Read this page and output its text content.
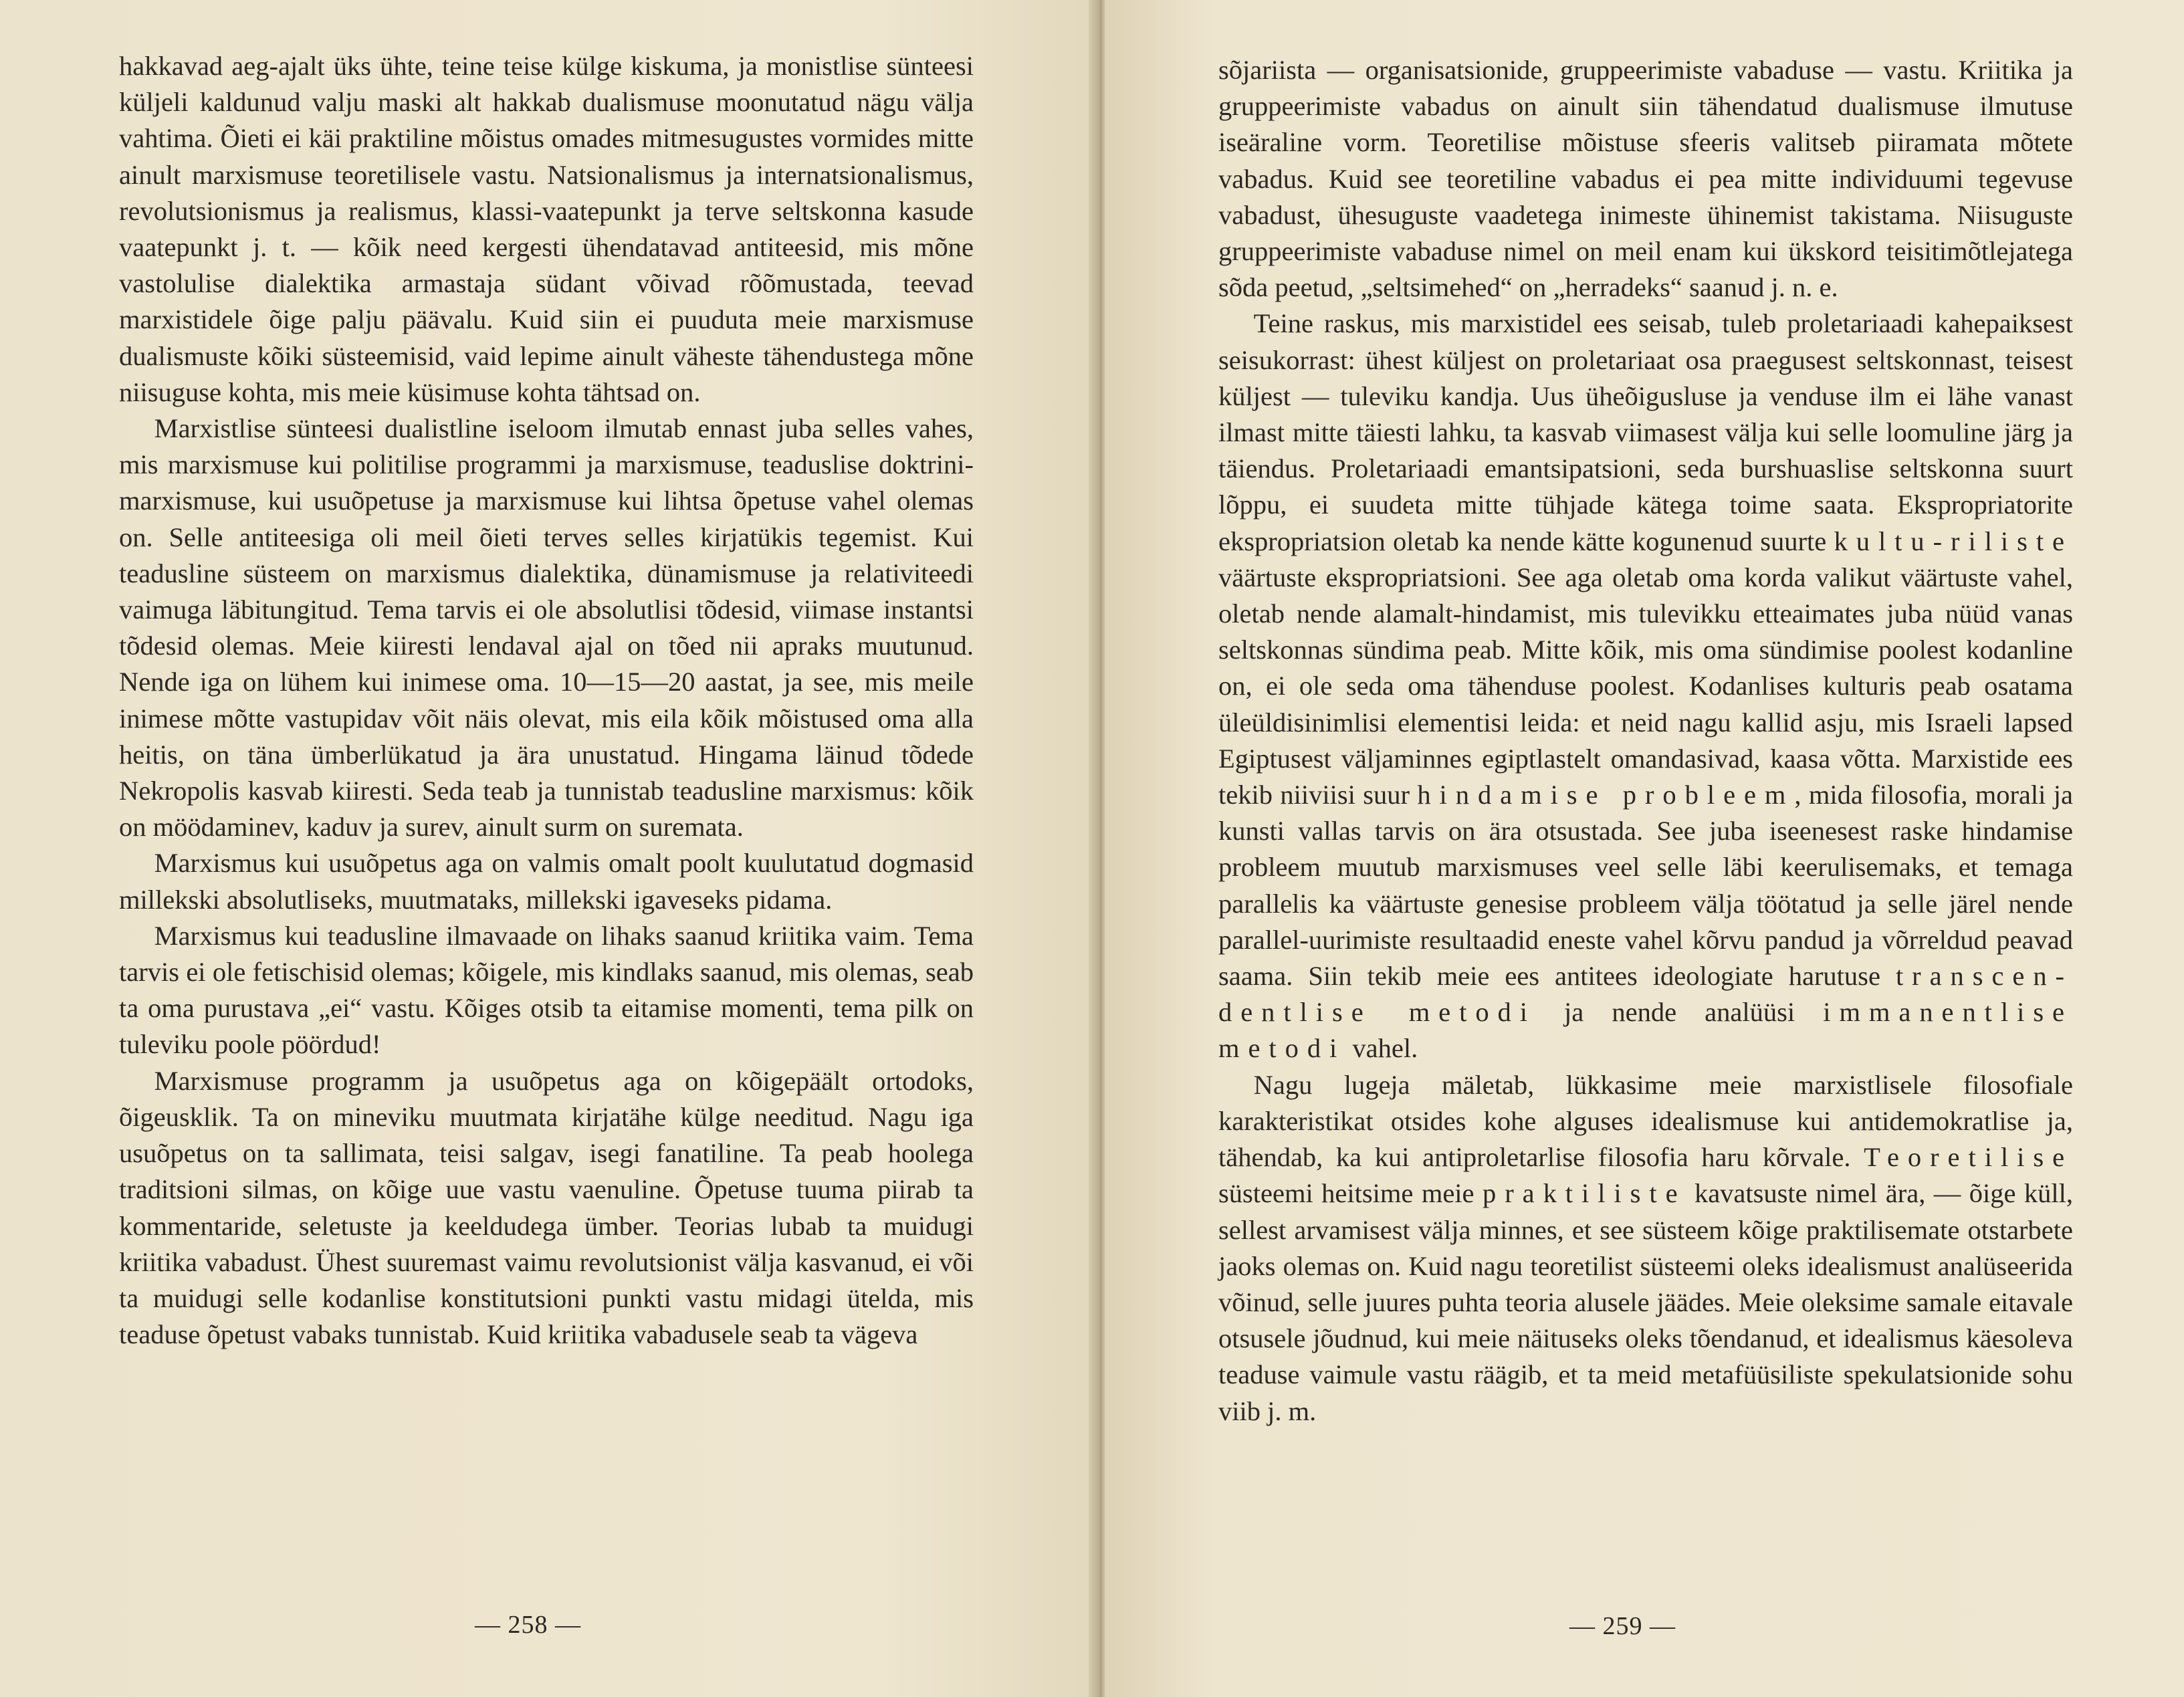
hakkavad aeg-ajalt üks ühte, teine teise külge kiskuma, ja monistlise sünteesi küljeli kaldunud valju maski alt hakkab dualismuse moonutatud nägu välja vahtima. Õieti ei käi praktiline mõistus omades mitmesugustes vormides mitte ainult marxismuse teoretilisele vastu. Natsionalismus ja internatsionalismus, revolutsionismus ja realismus, klassi-vaatepunkt ja terve seltskonna kasude vaatepunkt j. t. — kõik need kergesti ühendatavad antiteesid, mis mõne vastolulise dialektika armastaja südant võivad rõõmustada, teevad marxistidele õige palju päävalu. Kuid siin ei puuduta meie marxismuse dualismuste kõiki süsteemisid, vaid lepime ainult väheste tähendustega mõne niisuguse kohta, mis meie küsimuse kohta tähtsad on.

Marxistlise sünteesi dualistline iseloom ilmutab ennast juba selles vahes, mis marxismuse kui politilise programmi ja marxismuse, teaduslise doktrini-marxismuse, kui usuõpetuse ja marxismuse kui lihtsa õpetuse vahel olemas on. Selle antiteesiga oli meil õieti terves selles kirjatükis tegemist. Kui teadusline süsteem on marxismus dialektika, dünamismuse ja relativiteedi vaimuga läbitungitud. Tema tarvis ei ole absolutlisi tõdesid, viimase instantsi tõdesid olemas. Meie kiiresti lendaval ajal on tõed nii apraks muutunud. Nende iga on lühem kui inimese oma. 10—15—20 aastat, ja see, mis meile inimese mõtte vastupidav võit näis olevat, mis eila kõik mõistused oma alla heitis, on täna ümberlükatud ja ära unustatud. Hingama läinud tõdede Nekropolis kasvab kiiresti. Seda teab ja tunnistab teadusline marxismus: kõik on möödaminev, kaduv ja surev, ainult surm on surematа.

Marxismus kui usuõpetus aga on valmis omalt poolt kuulutatud dogmasid millekski absolutliseks, muutmataks, millekski igaveseks pidama.

Marxismus kui teadusline ilmavaade on lihaks saanud kriitika vaim. Tema tarvis ei ole fetischisid olemas; kõigele, mis kindlaks saanud, mis olemas, seab ta oma purustava „ei“ vastu. Kõiges otsib ta eitamise momenti, tema pilk on tuleviku poole pöördud!

Marxismuse programm ja usuõpetus aga on kõigepäält ortodoks, õigeusklik. Ta on mineviku muutmata kirjatähe külge needitud. Nagu iga usuõpetus on ta sallimata, teisi salgav, isegi fanatiline. Ta peab hoolega traditsioni silmas, on kõige uue vastu vaenuline. Õpetuse tuuma piirab ta kommentaride, seletuste ja keeldudega ümber. Teorias lubab ta muidugi kriitika vabadust. Ühest suuremast vaimu revolutsionist välja kasvanud, ei või ta muidugi selle kodanlise konstitutsioni punkti vastu midagi ütelda, mis teaduse õpetust vabaks tunnistab. Kuid kriitika vabadusele seab ta vägeva

— 258 —

sõjariista — organisatsionide, gruppeerimiste vabaduse — vastu. Kriitika ja gruppeerimiste vabadus on ainult siin tähendatud dualismuse ilmutuse iseäraline vorm. Teoretilise mõistuse sfeeris valitseb piiramata mõtete vabadus. Kuid see teoretiline vabadus ei pea mitte individuumi tegevuse vabadust, ühesuguste vaadetega inimeste ühinemist takistama. Niisuguste gruppeerimiste vabaduse nimel on meil enam kui ükskord teisitimõtlejatega sõda peetud, „seltsimehed“ on „herradeks“ saanud j. n. e.

Teine raskus, mis marxistidel ees seisab, tuleb proletariaadi kahepaiksest seisukorrast: ühest küljest on proletariaat osa praegusest seltskonnast, teisest küljest — tuleviku kandja. Uus üheõigusluse ja venduse ilm ei lähe vanast ilmast mitte täiesti lahku, ta kasvab viimasest välja kui selle loomuline järg ja täiendus. Proletariaadi emantsipatsioni, seda burshuaslise seltskonna suurt lõppu, ei suudeta mitte tühjade kätega toime saata. Ekspropriatorite ekspropriatsion oletab ka nende kätte kogunenud suurte kultu-riliste väärtuste ekspropriatsioni. See aga oletab oma korda valikut väärtuste vahel, oletab nende alamalt-hindamist, mis tulevikku etteaimates juba nüüd vanas seltskonnas sündima peab. Mitte kõik, mis oma sündimise poolest kodanline on, ei ole seda oma tähenduse poolest. Kodanlises kulturis peab osatama üleüldisinimlisi elementisi leida: et neid nagu kallid asju, mis Israeli lapsed Egiptusest väljaminnes egiptlastelt omandasivad, kaasa võtta. Marxistide ees tekib niiviisi suur hindamise probleem, mida filosofia, morali ja kunsti vallas tarvis on ära otsustada. See juba iseenesest raske hindamise probleem muutub marxismuses veel selle läbi keerulisemaks, et temaga parallelis ka väärtuste genesise probleem välja töötatud ja selle järel nende parallel-uurimiste resultaadid eneste vahel kõrvu pandud ja võrreldud peavad saama. Siin tekib meie ees antitees ideologiate harutuse transcen-dentlise metodi ja nende analüüsi immanentlise metodi vahel.

Nagu lugeja mäletab, lükkasime meie marxistlisele filosofiale karakteristikat otsides kohe alguses idealismuse kui antidemokratlise ja, tähendab, ka kui antiproletarlise filosofia haru kõrvale. Teoretilise süsteemi heitsime meie praktiliste kavatsuste nimel ära, — õige küll, sellest arvamisest välja minnes, et see süsteem kõige praktilisemate otstarbete jaoks olemas on. Kuid nagu teoretilist süsteemi oleks idealismust analüseerida võinud, selle juures puhta teoria alusele jäädes. Meie oleksime samale eitavale otsusele jõudnud, kui meie näituseks oleks tõendanud, et idealismus käesoleva teaduse vaimule vastu räägib, et ta meid metafüüsiliste spekulatsionide sohu viib j. m.

— 259 —
